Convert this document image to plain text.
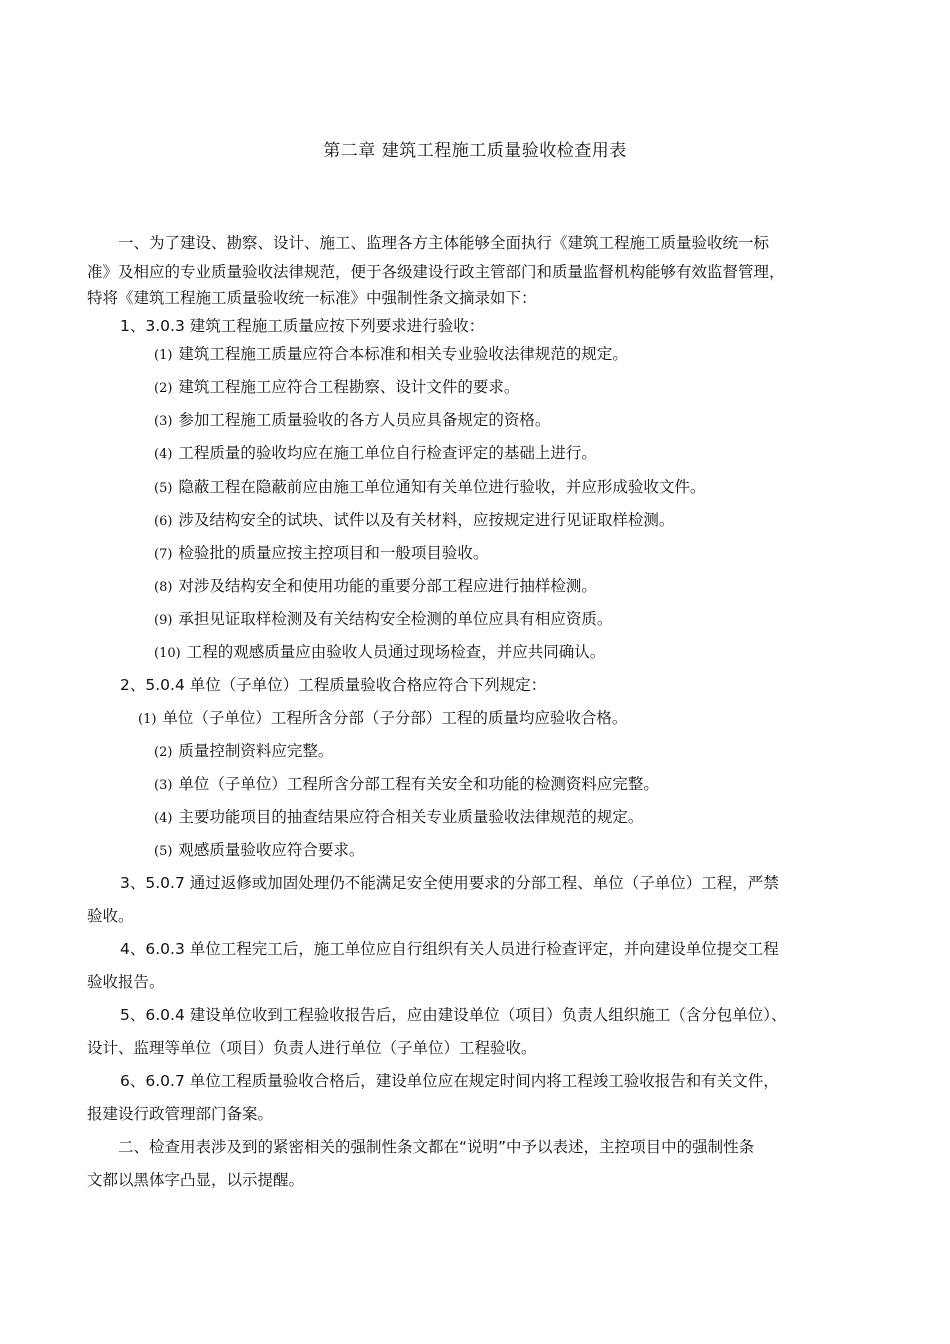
第二章 建筑工程施工质量验收检查用表
一、为了建设、勘察、设计、施工、监理各方主体能够全面执行《建筑工程施工质量验收统一标
准》及相应的专业质量验收法律规范，便于各级建设行政主管部门和质量监督机构能够有效监督管理，
特将《建筑工程施工质量验收统一标准》中强制性条文摘录如下：
1、3.0.3 建筑工程施工质量应按下列要求进行验收：
(1) 建筑工程施工质量应符合本标准和相关专业验收法律规范的规定。
(2) 建筑工程施工应符合工程勘察、设计文件的要求。
(3) 参加工程施工质量验收的各方人员应具备规定的资格。
(4) 工程质量的验收均应在施工单位自行检查评定的基础上进行。
(5) 隐蔽工程在隐蔽前应由施工单位通知有关单位进行验收，并应形成验收文件。
(6) 涉及结构安全的试块、试件以及有关材料，应按规定进行见证取样检测。
(7) 检验批的质量应按主控项目和一般项目验收。
(8) 对涉及结构安全和使用功能的重要分部工程应进行抽样检测。
(9) 承担见证取样检测及有关结构安全检测的单位应具有相应资质。
(10) 工程的观感质量应由验收人员通过现场检查，并应共同确认。
2、5.0.4 单位（子单位）工程质量验收合格应符合下列规定：
(1) 单位（子单位）工程所含分部（子分部）工程的质量均应验收合格。
(2) 质量控制资料应完整。
(3) 单位（子单位）工程所含分部工程有关安全和功能的检测资料应完整。
(4) 主要功能项目的抽查结果应符合相关专业质量验收法律规范的规定。
(5) 观感质量验收应符合要求。
3、5.0.7 通过返修或加固处理仍不能满足安全使用要求的分部工程、单位（子单位）工程，严禁
验收。
4、6.0.3 单位工程完工后，施工单位应自行组织有关人员进行检查评定，并向建设单位提交工程
验收报告。
5、6.0.4 建设单位收到工程验收报告后，应由建设单位（项目）负责人组织施工（含分包单位）、
设计、监理等单位（项目）负责人进行单位（子单位）工程验收。
6、6.0.7 单位工程质量验收合格后，建设单位应在规定时间内将工程竣工验收报告和有关文件，
报建设行政管理部门备案。
二、检查用表涉及到的紧密相关的强制性条文都在“说明”中予以表述，主控项目中的强制性条
文都以黑体字凸显，以示提醒。
